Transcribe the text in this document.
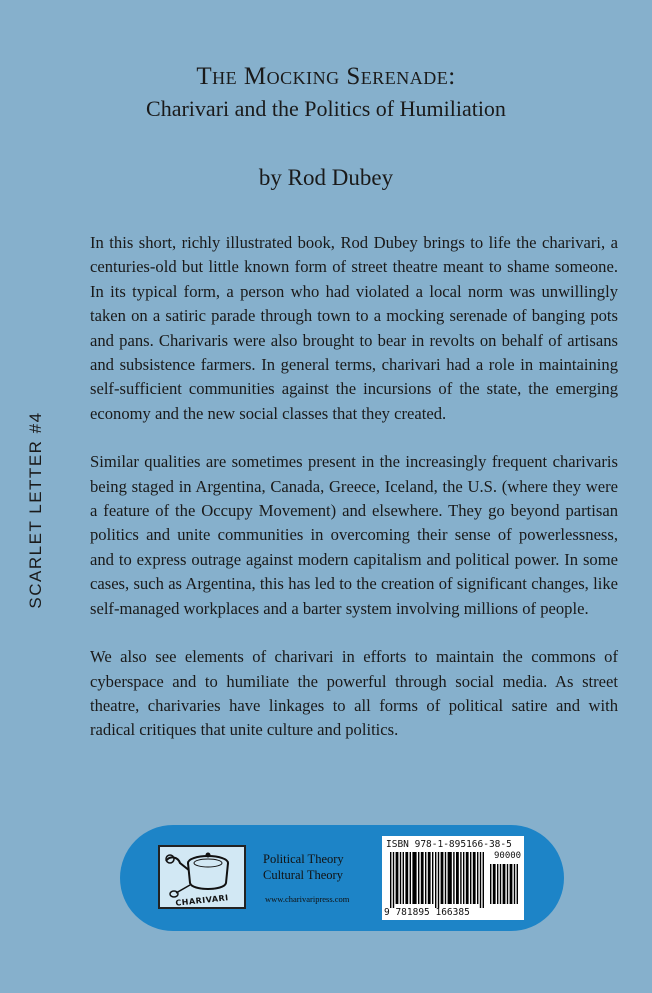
The Mocking Serenade:
Charivari and the Politics of Humiliation
by Rod Dubey
SCARLET LETTER #4

In this short, richly illustrated book, Rod Dubey brings to life the charivari, a centuries-old but little known form of street theatre meant to shame someone. In its typical form, a person who had violated a local norm was unwillingly taken on a satiric parade through town to a mocking serenade of banging pots and pans. Charivaris were also brought to bear in revolts on behalf of artisans and subsistence farmers. In general terms, charivari had a role in maintaining self-sufficient communities against the incursions of the state, the emerging economy and the new social classes that they created.

Similar qualities are sometimes present in the increasingly frequent charivaris being staged in Argentina, Canada, Greece, Iceland, the U.S. (where they were a feature of the Occupy Movement) and elsewhere. They go beyond partisan politics and unite communities in overcoming their sense of powerlessness, and to express outrage against modern capitalism and political power. In some cases, such as Argentina, this has led to the creation of significant changes, like self-managed workplaces and a barter system involving millions of people.

We also see elements of charivari in efforts to maintain the commons of cyberspace and to humiliate the powerful through social media. As street theatre, charivaries have linkages to all forms of political satire and with radical critiques that unite culture and politics.

CHARIVARI
Political Theory
Cultural Theory
www.charivaripress.com
ISBN 978-1-895166-38-5
90000
9 781895 166385
